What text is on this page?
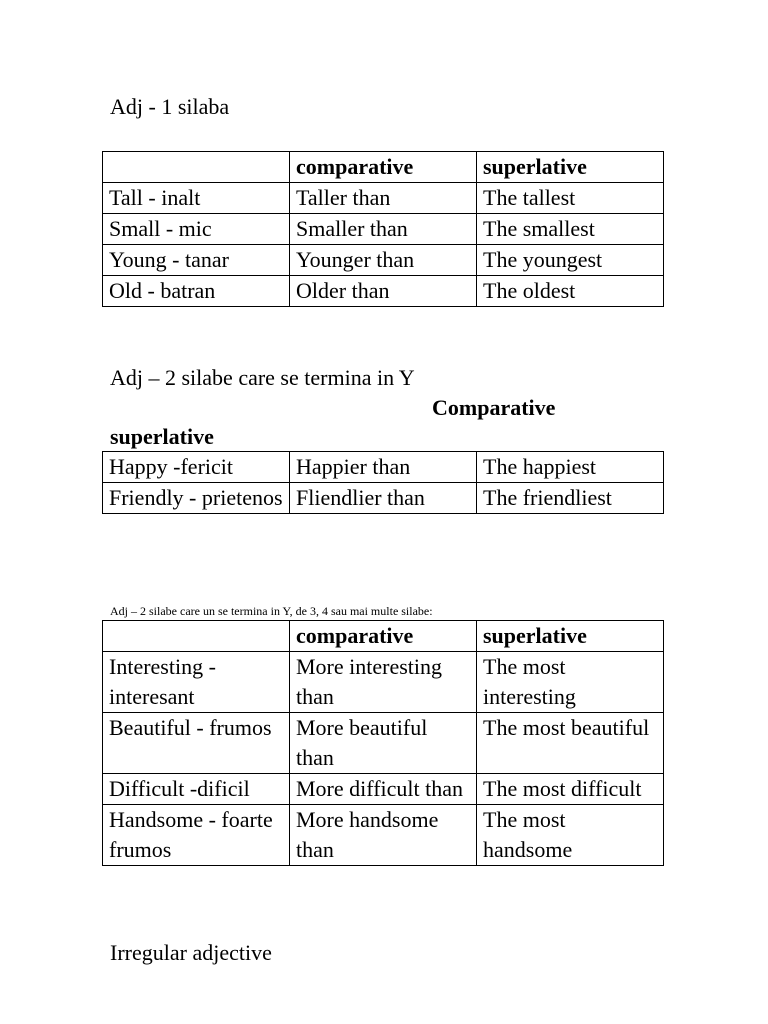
Adj - 1 silaba

	comparative	superlative
Tall - inalt	Taller than	The tallest
Small - mic	Smaller than	The smallest
Young - tanar	Younger than	The youngest
Old - batran	Older than	The oldest

Adj – 2 silabe care se termina in Y

Comparative

superlative

Happy -fericit	Happier than	The happiest
Friendly - prietenos	Fliendlier than	The friendliest

Adj – 2 silabe care un se termina in Y, de 3, 4 sau mai multe silabe:

	comparative	superlative
Interesting - interesant	More interesting than	The most interesting
Beautiful - frumos	More beautiful than	The most beautiful
Difficult -dificil	More difficult than	The most difficult
Handsome - foarte frumos	More handsome than	The most handsome

Irregular adjective
